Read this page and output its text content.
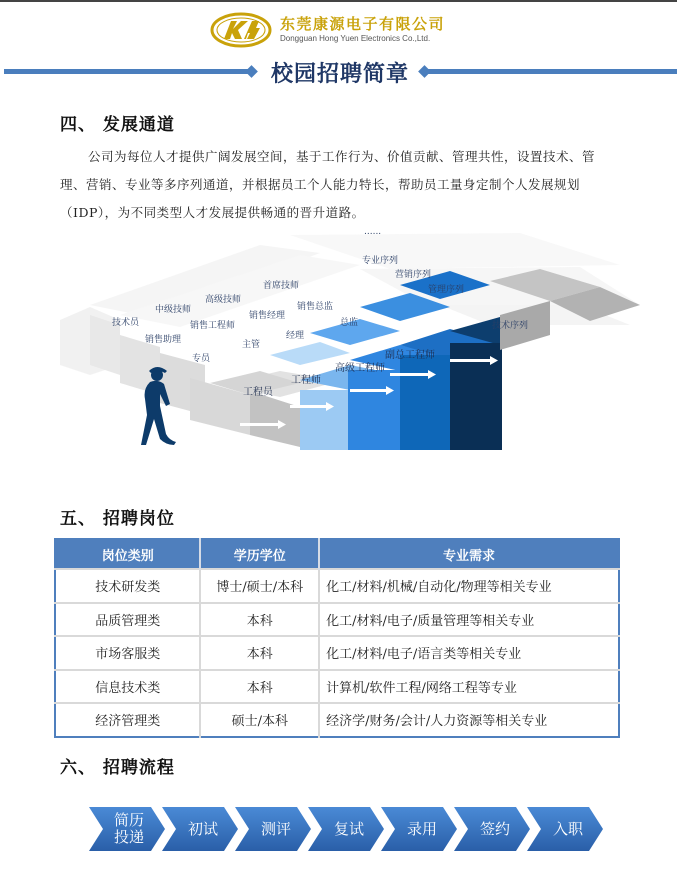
东莞康源电子有限公司
Dongguan Hong Yuen Electronics Co.,Ltd.
校园招聘简章
四、 发展通道

公司为每位人才提供广阔发展空间，基于工作行为、价值贡献、管理共性，设置技术、管理、营销、专业等多序列通道，并根据员工个人能力特长，帮助员工量身定制个人发展规划（IDP），为不同类型人才发展提供畅通的晋升道路。

......
专业序列
营销序列
管理序列
技术序列
技术员
中级技师
高级技师
首席技师
销售助理
销售工程师
销售经理
销售总监
专员
主管
经理
总监
工程员
工程师
高级工程师
副总工程师
五、 招聘岗位
岗位类别	学历学位	专业需求
技术研发类	博士/硕士/本科	化工/材料/机械/自动化/物理等相关专业
品质管理类	本科	化工/材料/电子/质量管理等相关专业
市场客服类	本科	化工/材料/电子/语言类等相关专业
信息技术类	本科	计算机/软件工程/网络工程等专业
经济管理类	硕士/本科	经济学/财务/会计/人力资源等相关专业
六、 招聘流程
简历投递	初试	测评	复试	录用	签约	入职
